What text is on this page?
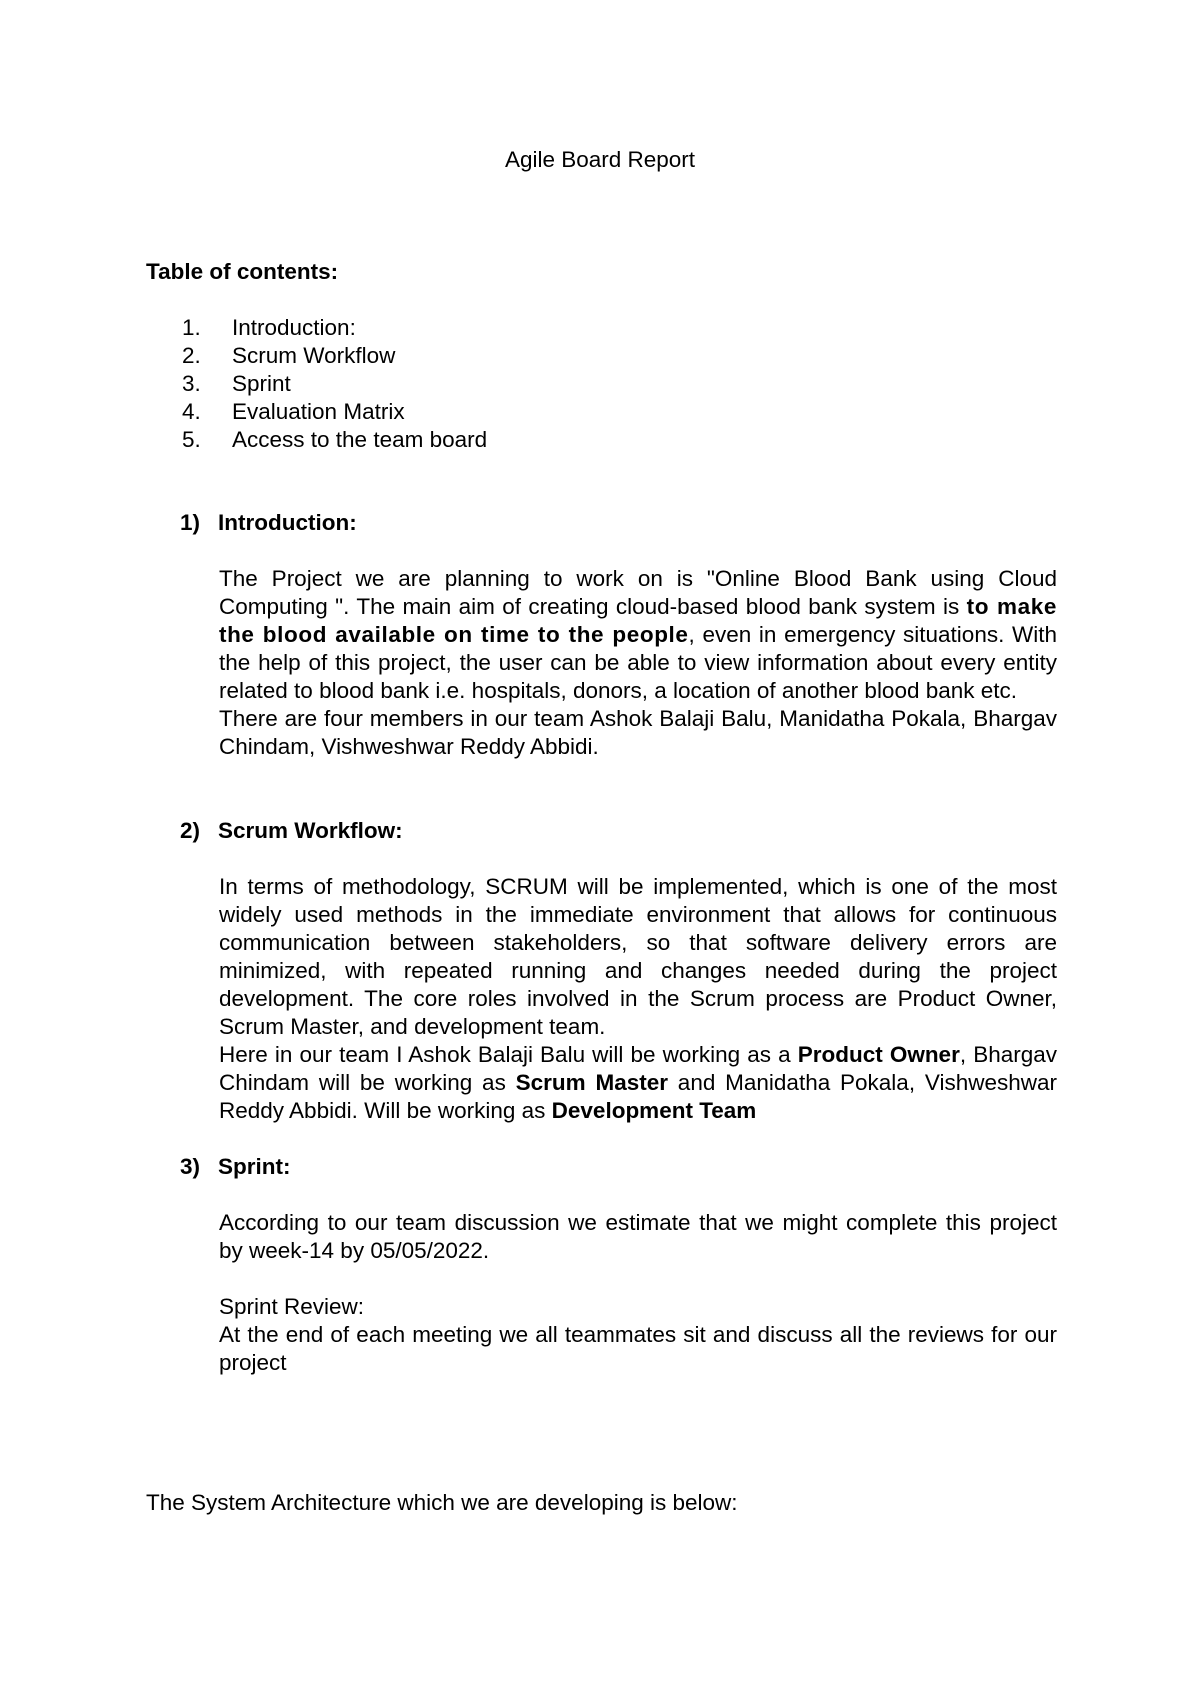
Agile Board Report
Table of contents:
1.	Introduction:
2.	Scrum Workflow
3.	Sprint
4.	Evaluation Matrix
5.	Access to the team board
1) Introduction:

The Project we are planning to work on is "Online Blood Bank using Cloud Computing ". The main aim of creating cloud-based blood bank system is to make the blood available on time to the people, even in emergency situations. With the help of this project, the user can be able to view information about every entity related to blood bank i.e. hospitals, donors, a location of another blood bank etc.

There are four members in our team Ashok Balaji Balu, Manidatha Pokala, Bhargav Chindam, Vishweshwar Reddy Abbidi.

2) Scrum Workflow:

In terms of methodology, SCRUM will be implemented, which is one of the most widely used methods in the immediate environment that allows for continuous communication between stakeholders, so that software delivery errors are minimized, with repeated running and changes needed during the project development. The core roles involved in the Scrum process are Product Owner, Scrum Master, and development team.

Here in our team I Ashok Balaji Balu will be working as a Product Owner, Bhargav Chindam will be working as Scrum Master and Manidatha Pokala, Vishweshwar Reddy Abbidi. Will be working as Development Team

3) Sprint:

According to our team discussion we estimate that we might complete this project by week-14 by 05/05/2022.

Sprint Review:

At the end of each meeting we all teammates sit and discuss all the reviews for our project

The System Architecture which we are developing is below:
